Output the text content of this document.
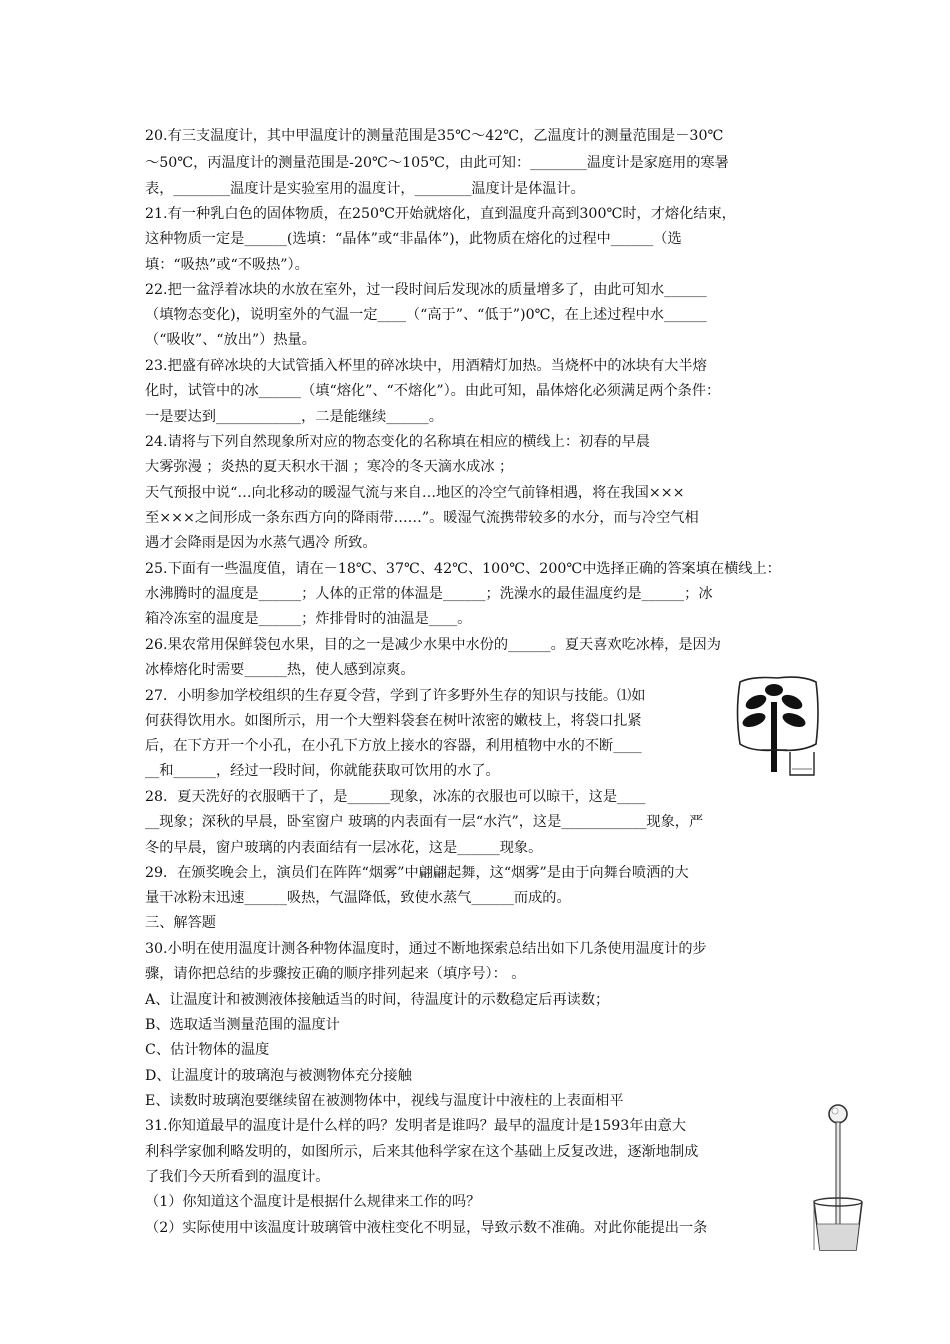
20.有三支温度计，其中甲温度计的测量范围是35℃～42℃，乙温度计的测量范围是－30℃
～50℃，丙温度计的测量范围是-20℃～105℃，由此可知：________温度计是家庭用的寒暑
表，________温度计是实验室用的温度计，________温度计是体温计。
21.有一种乳白色的固体物质，在250℃开始就熔化，直到温度升高到300℃时，才熔化结束，
这种物质一定是______(选填：“晶体”或“非晶体”)，此物质在熔化的过程中______（选
填：“吸热”或“不吸热”）。
22.把一盆浮着冰块的水放在室外，过一段时间后发现冰的质量增多了，由此可知水______
（填物态变化)，说明室外的气温一定____（“高于”、“低于”)0℃，在上述过程中水______
（“吸收”、“放出”）热量。
23.把盛有碎冰块的大试管插入杯里的碎冰块中，用酒精灯加热。当烧杯中的冰块有大半熔
化时，试管中的冰______（填“熔化”、“不熔化”）。由此可知，晶体熔化必须满足两个条件：
一是要达到____________，二是能继续______。
24.请将与下列自然现象所对应的物态变化的名称填在相应的横线上：初春的早晨
大雾弥漫 ；炎热的夏天积水干涸 ；寒冷的冬天滴水成冰 ；
天气预报中说“…向北移动的暖湿气流与来自…地区的冷空气前锋相遇，将在我国×××
至×××之间形成一条东西方向的降雨带……”。暖湿气流携带较多的水分，而与冷空气相
遇才会降雨是因为水蒸气遇冷 所致。
25.下面有一些温度值，请在－18℃、37℃、42℃、100℃、200℃中选择正确的答案填在横线上：
水沸腾时的温度是______；人体的正常的体温是______；洗澡水的最佳温度约是______；冰
箱冷冻室的温度是______；炸排骨时的油温是____。
26.果农常用保鲜袋包水果，目的之一是减少水果中水份的______。夏天喜欢吃冰棒，是因为
冰棒熔化时需要______热，使人感到凉爽。
27．小明参加学校组织的生存夏令营，学到了许多野外生存的知识与技能。⑴如
何获得饮用水。如图所示，用一个大塑料袋套在树叶浓密的嫩枝上，将袋口扎紧
后，在下方开一个小孔，在小孔下方放上接水的容器，利用植物中水的不断____
__和______，经过一段时间，你就能获取可饮用的水了。
28．夏天洗好的衣服晒干了，是______现象，冰冻的衣服也可以晾干，这是____
__现象；深秋的早晨，卧室窗户 玻璃的内表面有一层“水汽”，这是____________现象，严
冬的早晨，窗户玻璃的内表面结有一层冰花，这是______现象。
29．在颁奖晚会上，演员们在阵阵“烟雾”中翩翩起舞，这“烟雾”是由于向舞台喷洒的大
量干冰粉末迅速______吸热，气温降低，致使水蒸气______而成的。
三、解答题
30.小明在使用温度计测各种物体温度时，通过不断地探索总结出如下几条使用温度计的步
骤，请你把总结的步骤按正确的顺序排列起来（填序号）： 。
A、让温度计和被测液体接触适当的时间，待温度计的示数稳定后再读数；
B、选取适当测量范围的温度计
C、估计物体的温度
D、让温度计的玻璃泡与被测物体充分接触
E、读数时玻璃泡要继续留在被测物体中，视线与温度计中液柱的上表面相平
31.你知道最早的温度计是什么样的吗？发明者是谁吗？最早的温度计是1593年由意大
利科学家伽利略发明的，如图所示，后来其他科学家在这个基础上反复改进，逐渐地制成
了我们今天所看到的温度计。
（1）你知道这个温度计是根据什么规律来工作的吗？
（2）实际使用中该温度计玻璃管中液柱变化不明显，导致示数不准确。对此你能提出一条
